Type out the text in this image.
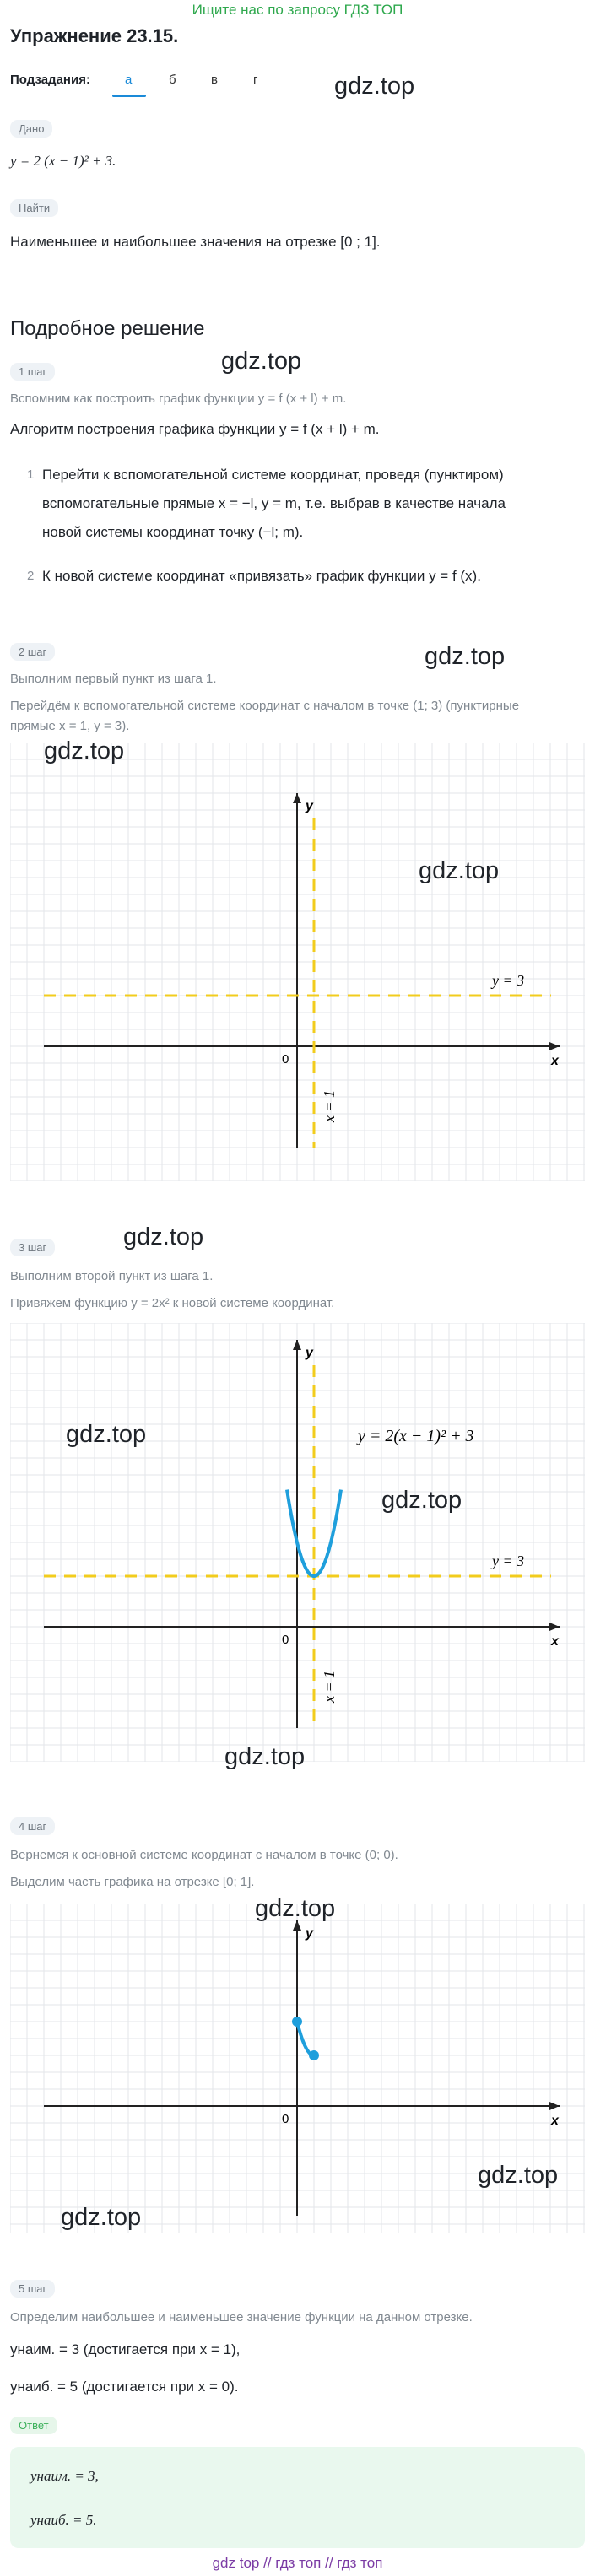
Ищите нас по запросу ГДЗ ТОП
Упражнение 23.15.
Подзадания:	а	б	в	г	gdz.top
Дано
y = 2 (x − 1)² + 3.
Найти
Наименьшее и наибольшее значения на отрезке [0 ; 1].
Подробное решение
1 шаг	gdz.top
Вспомним как построить график функции y = f (x + l) + m.
Алгоритм построения графика функции y = f (x + l) + m.
1 Перейти к вспомогательной системе координат, проведя (пунктиром)
вспомогательные прямые x = −l, y = m, т.е. выбрав в качестве начала
новой системы координат точку (−l; m).
2 К новой системе координат «привязать» график функции y = f (x).
gdz.top
2 шаг
Выполним первый пункт из шага 1.
Перейдём к вспомогательной системе координат с началом в точке (1; 3) (пунктирные
прямые x = 1, y = 3).
x
y
0
y = 3
x = 1
gdz.top
gdz.top
gdz.top
3 шаг
Выполним второй пункт из шага 1.
Привяжем функцию y = 2x² к новой системе координат.
x
y
0
y = 3
x = 1
y = 2(x − 1)² + 3
gdz.top
gdz.top
gdz.top
4 шаг
Вернемся к основной системе координат с началом в точке (0; 0).
Выделим часть графика на отрезке [0; 1].
x
y
0
gdz.top
gdz.top
gdz.top
5 шаг
Определим наибольшее и наименьшее значение функции на данном отрезке.
yнаим. = 3 (достигается при x = 1),
yнаиб. = 5 (достигается при x = 0).
Ответ
yнаим. = 3,
yнаиб. = 5.
gdz top // гдз топ // гдз топ
